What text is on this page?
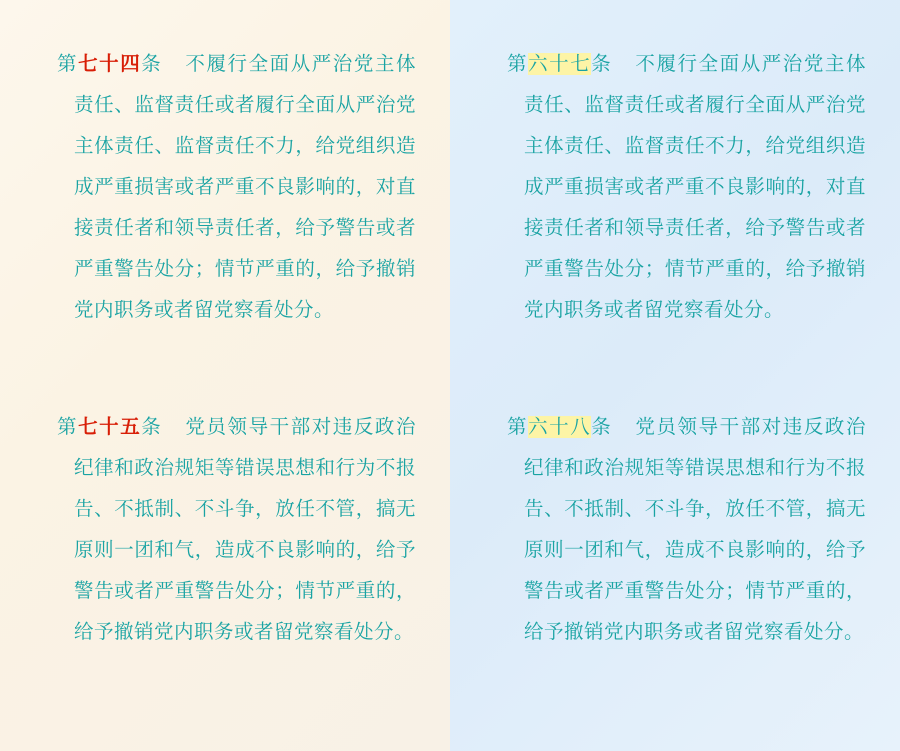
第七十四条 不履行全面从严治党主体责任、监督责任或者履行全面从严治党主体责任、监督责任不力，给党组织造成严重损害或者严重不良影响的，对直接责任者和领导责任者，给予警告或者严重警告处分；情节严重的，给予撤销党内职务或者留党察看处分。

第七十五条 党员领导干部对违反政治纪律和政治规矩等错误思想和行为不报告、不抵制、不斗争，放任不管，搞无原则一团和气，造成不良影响的，给予警告或者严重警告处分；情节严重的，给予撤销党内职务或者留党察看处分。

第六十七条 不履行全面从严治党主体责任、监督责任或者履行全面从严治党主体责任、监督责任不力，给党组织造成严重损害或者严重不良影响的，对直接责任者和领导责任者，给予警告或者严重警告处分；情节严重的，给予撤销党内职务或者留党察看处分。

第六十八条 党员领导干部对违反政治纪律和政治规矩等错误思想和行为不报告、不抵制、不斗争，放任不管，搞无原则一团和气，造成不良影响的，给予警告或者严重警告处分；情节严重的，给予撤销党内职务或者留党察看处分。
